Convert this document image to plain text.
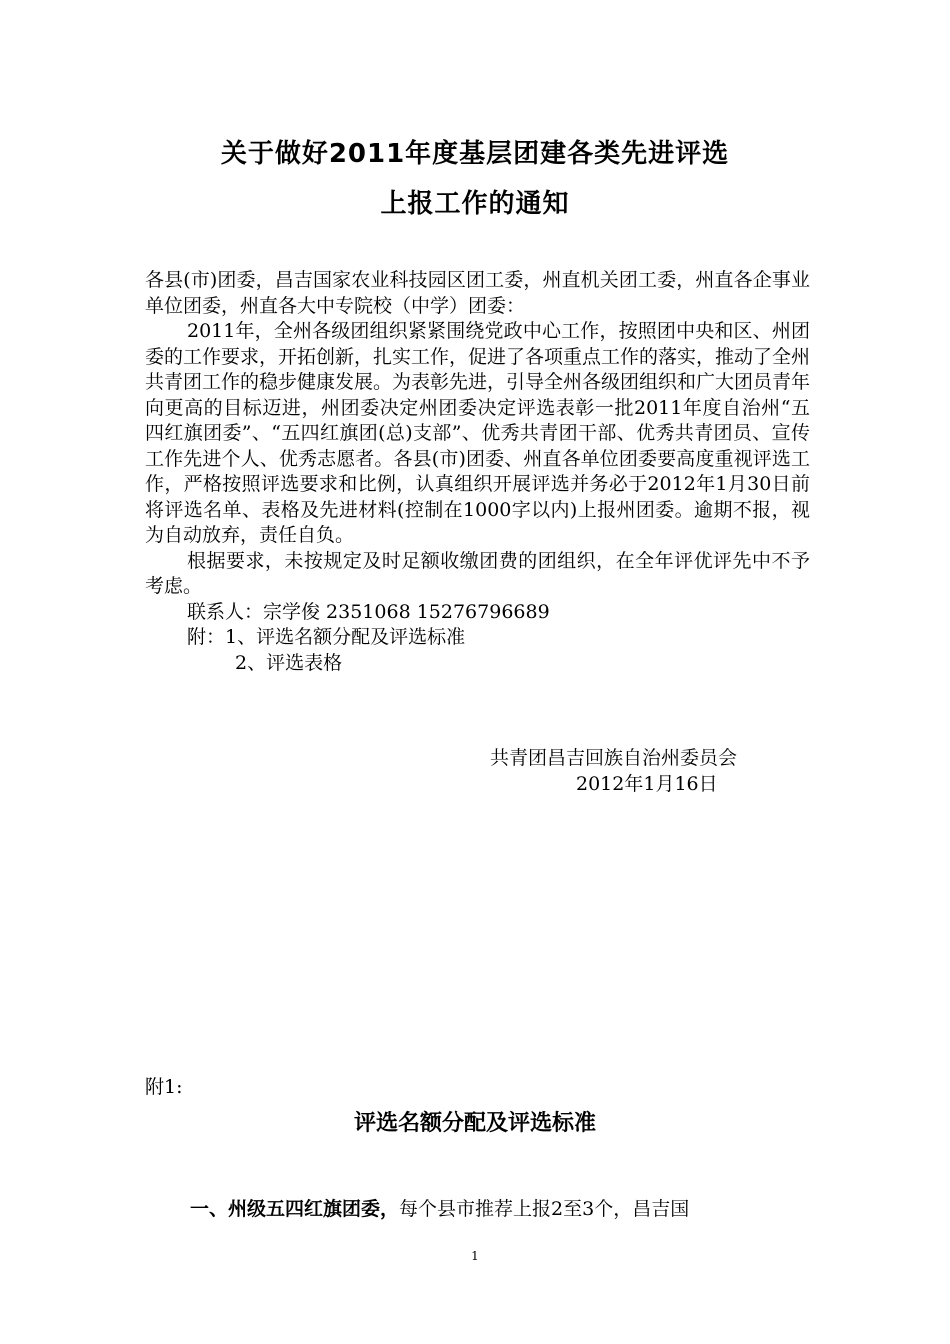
关于做好2011年度基层团建各类先进评选
上报工作的通知

各县(市)团委，昌吉国家农业科技园区团工委，州直机关团工委，州直各企事业单位团委，州直各大中专院校（中学）团委：

2011年，全州各级团组织紧紧围绕党政中心工作，按照团中央和区、州团委的工作要求，开拓创新，扎实工作，促进了各项重点工作的落实，推动了全州共青团工作的稳步健康发展。为表彰先进，引导全州各级团组织和广大团员青年向更高的目标迈进，州团委决定州团委决定评选表彰一批2011年度自治州“五四红旗团委”、“五四红旗团(总)支部”、优秀共青团干部、优秀共青团员、宣传工作先进个人、优秀志愿者。各县(市)团委、州直各单位团委要高度重视评选工作，严格按照评选要求和比例，认真组织开展评选并务必于2012年1月30日前将评选名单、表格及先进材料(控制在1000字以内)上报州团委。逾期不报，视为自动放弃，责任自负。

根据要求，未按规定及时足额收缴团费的团组织，在全年评优评先中不予考虑。

联系人：宗学俊 2351068 15276796689

附：1、评选名额分配及评选标准

2、评选表格

共青团昌吉回族自治州委员会
2012年1月16日
附1:
评选名额分配及评选标准
一、州级五四红旗团委，每个县市推荐上报2至3个，昌吉国
1
